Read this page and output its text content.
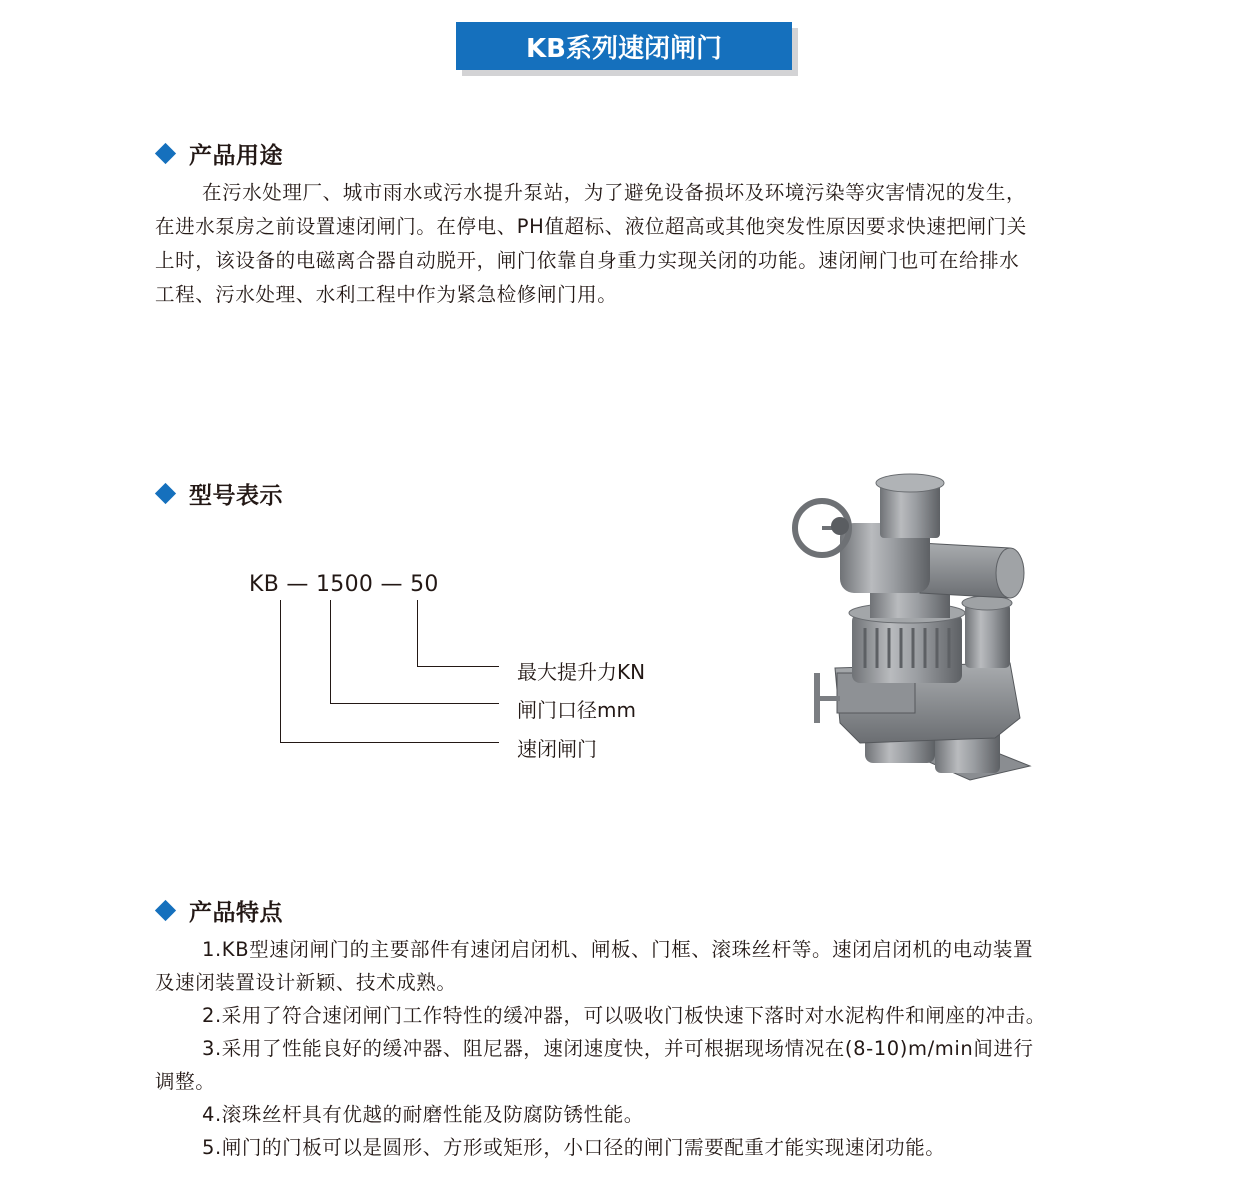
KB系列速闭闸门
产品用途
在污水处理厂、城市雨水或污水提升泵站，为了避免设备损坏及环境污染等灾害情况的发生，
在进水泵房之前设置速闭闸门。在停电、PH值超标、液位超高或其他突发性原因要求快速把闸门关
上时，该设备的电磁离合器自动脱开，闸门依靠自身重力实现关闭的功能。速闭闸门也可在给排水
工程、污水处理、水利工程中作为紧急检修闸门用。
型号表示
KB — 1500 — 50
最大提升力KN
闸门口径mm
速闭闸门
产品特点
1.KB型速闭闸门的主要部件有速闭启闭机、闸板、门框、滚珠丝杆等。速闭启闭机的电动装置
及速闭装置设计新颖、技术成熟。
2.采用了符合速闭闸门工作特性的缓冲器，可以吸收门板快速下落时对水泥构件和闸座的冲击。
3.采用了性能良好的缓冲器、阻尼器，速闭速度快，并可根据现场情况在(8-10)m/min间进行
调整。
4.滚珠丝杆具有优越的耐磨性能及防腐防锈性能。
5.闸门的门板可以是圆形、方形或矩形，小口径的闸门需要配重才能实现速闭功能。
